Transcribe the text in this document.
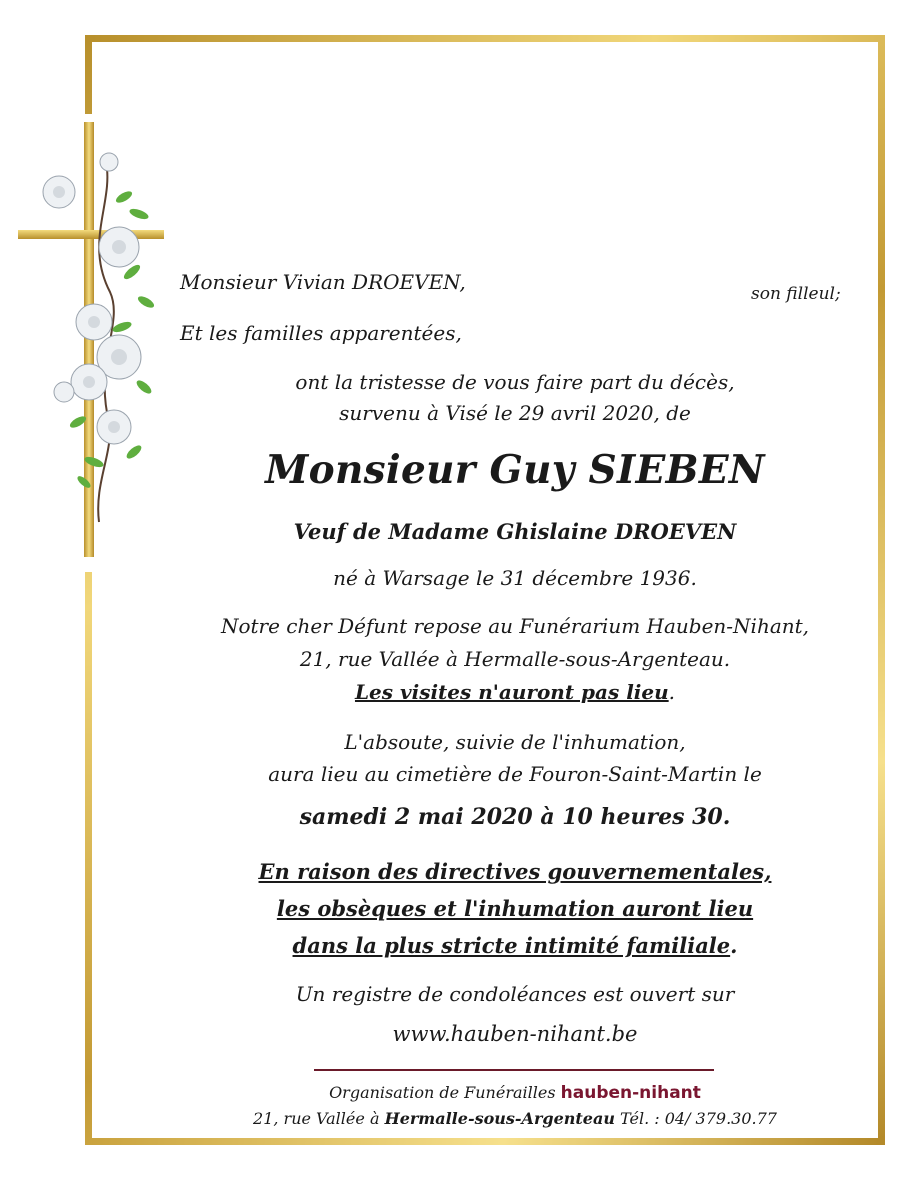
Monsieur Vivian DROEVEN,	son filleul;
Et les familles apparentées,
ont la tristesse de vous faire part du décès,
survenu à Visé le 29 avril 2020, de
Monsieur Guy SIEBEN
Veuf de Madame Ghislaine DROEVEN
né à Warsage le 31 décembre 1936.
Notre cher Défunt repose au Funérarium Hauben-Nihant,
21, rue Vallée à Hermalle-sous-Argenteau.
Les visites n'auront pas lieu.
L'absoute, suivie de l'inhumation,
aura lieu au cimetière de Fouron-Saint-Martin le
samedi 2 mai 2020 à 10 heures 30.
En raison des directives gouvernementales,
les obsèques et l'inhumation auront lieu
dans la plus stricte intimité familiale.
Un registre de condoléances est ouvert sur
www.hauben-nihant.be
Organisation de Funérailles hauben-nihant
21, rue Vallée à Hermalle-sous-Argenteau Tél. : 04/ 379.30.77
